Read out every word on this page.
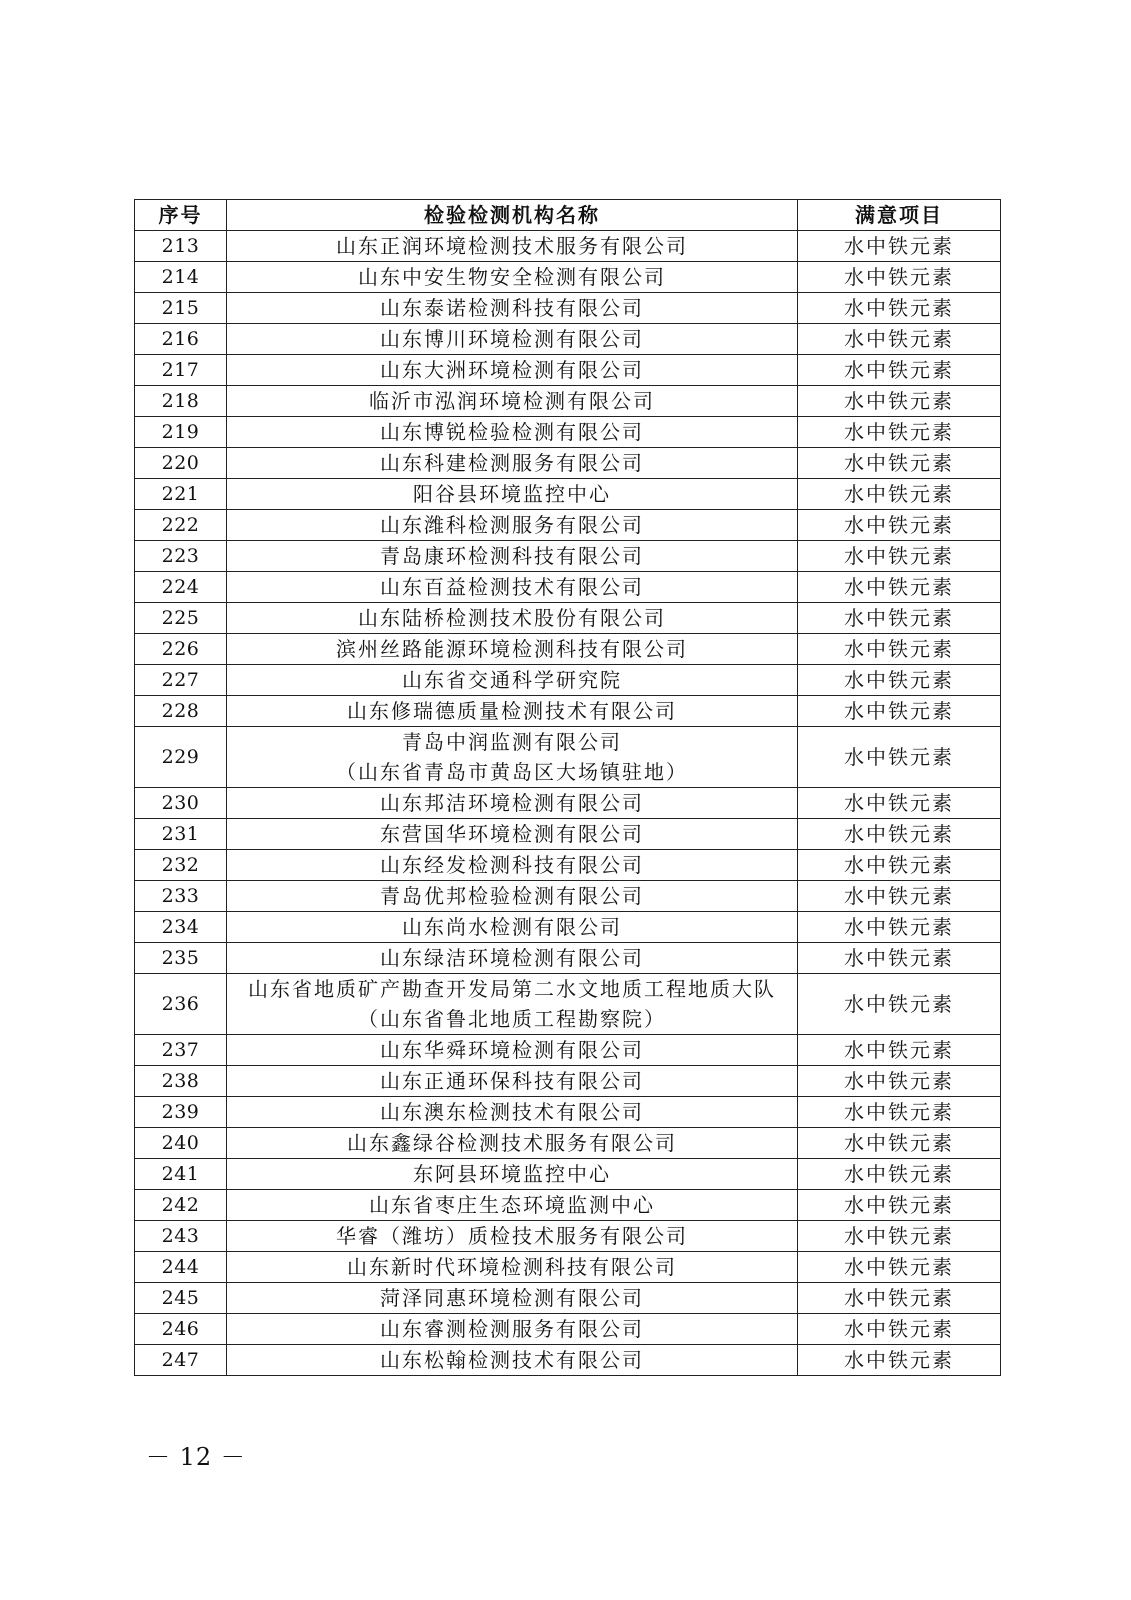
序号	检验检测机构名称	满意项目
213	山东正润环境检测技术服务有限公司	水中铁元素
214	山东中安生物安全检测有限公司	水中铁元素
215	山东泰诺检测科技有限公司	水中铁元素
216	山东博川环境检测有限公司	水中铁元素
217	山东大洲环境检测有限公司	水中铁元素
218	临沂市泓润环境检测有限公司	水中铁元素
219	山东博锐检验检测有限公司	水中铁元素
220	山东科建检测服务有限公司	水中铁元素
221	阳谷县环境监控中心	水中铁元素
222	山东潍科检测服务有限公司	水中铁元素
223	青岛康环检测科技有限公司	水中铁元素
224	山东百益检测技术有限公司	水中铁元素
225	山东陆桥检测技术股份有限公司	水中铁元素
226	滨州丝路能源环境检测科技有限公司	水中铁元素
227	山东省交通科学研究院	水中铁元素
228	山东修瑞德质量检测技术有限公司	水中铁元素
229	青岛中润监测有限公司
（山东省青岛市黄岛区大场镇驻地）	水中铁元素
230	山东邦洁环境检测有限公司	水中铁元素
231	东营国华环境检测有限公司	水中铁元素
232	山东经发检测科技有限公司	水中铁元素
233	青岛优邦检验检测有限公司	水中铁元素
234	山东尚水检测有限公司	水中铁元素
235	山东绿洁环境检测有限公司	水中铁元素
236	山东省地质矿产勘查开发局第二水文地质工程地质大队
（山东省鲁北地质工程勘察院）	水中铁元素
237	山东华舜环境检测有限公司	水中铁元素
238	山东正通环保科技有限公司	水中铁元素
239	山东澳东检测技术有限公司	水中铁元素
240	山东鑫绿谷检测技术服务有限公司	水中铁元素
241	东阿县环境监控中心	水中铁元素
242	山东省枣庄生态环境监测中心	水中铁元素
243	华睿（潍坊）质检技术服务有限公司	水中铁元素
244	山东新时代环境检测科技有限公司	水中铁元素
245	菏泽同惠环境检测有限公司	水中铁元素
246	山东睿测检测服务有限公司	水中铁元素
247	山东松翰检测技术有限公司	水中铁元素
－ 12 －
